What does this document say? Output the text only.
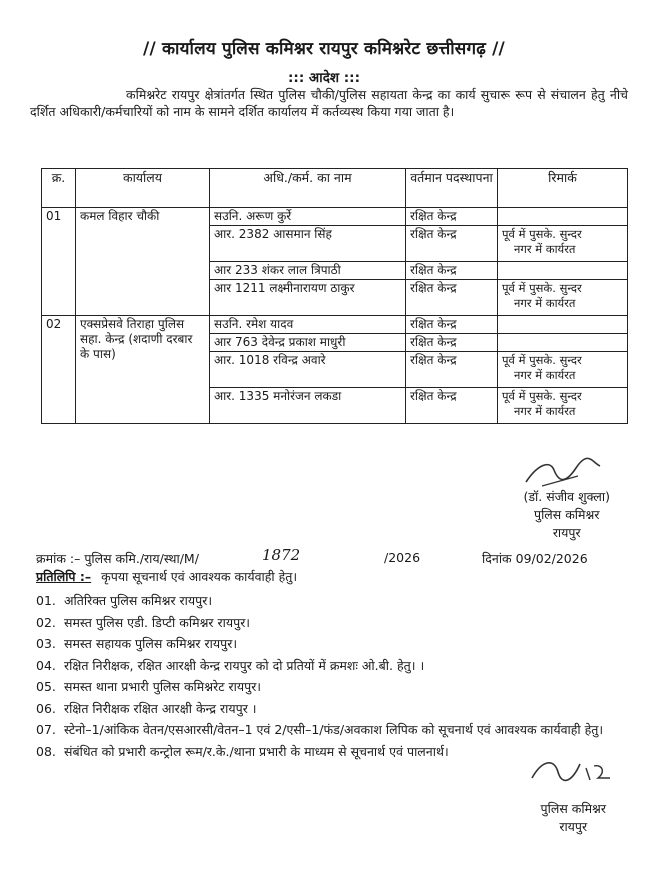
// कार्यालय पुलिस कमिश्नर रायपुर कमिश्नरेट छत्तीसगढ़ //
::: आदेश :::
कमिश्नरेट रायपुर क्षेत्रांतर्गत स्थित पुलिस चौकी/पुलिस सहायता केन्द्र का कार्य सुचारू रूप से संचालन हेतु नीचे दर्शित अधिकारी/कर्मचारियों को नाम के सामने दर्शित कार्यालय में कर्तव्यस्थ किया गया जाता है।
क्र.	कार्यालय	अधि./कर्म. का नाम	वर्तमान पदस्थापना	रिमार्क
01	कमल विहार चौकी	सउनि. अरूण कुर्रे	रक्षित केन्द्र	

		आर. 2382 आसमान सिंह	रक्षित केन्द्र	पूर्व में पुसके. सुन्दर
नगर में कार्यरत

		आर 233 शंकर लाल त्रिपाठी	रक्षित केन्द्र	

		आर 1211 लक्ष्मीनारायण ठाकुर	रक्षित केन्द्र	पूर्व में पुसके. सुन्दर
नगर में कार्यरत

02	एक्सप्रेसवे तिराहा पुलिस सहा. केन्द्र (शदाणी दरबार के पास)	सउनि. रमेश यादव	रक्षित केन्द्र	

		आर 763 देवेन्द्र प्रकाश माधुरी	रक्षित केन्द्र	

		आर. 1018 रविन्द्र अवारे	रक्षित केन्द्र	पूर्व में पुसके. सुन्दर
नगर में कार्यरत

		आर. 1335 मनोरंजन लकडा	रक्षित केन्द्र	पूर्व में पुसके. सुन्दर
नगर में कार्यरत
(डॉ. संजीव शुक्ला)
पुलिस कमिश्नर
रायपुर
क्रमांक :– पुलिस कमि./राय/स्था/M/	1872	/2026	दिनांक 09/02/2026
प्रतिलिपि :– कृपया सूचनार्थ एवं आवश्यक कार्यवाही हेतु।
01. अतिरिक्त पुलिस कमिश्नर रायपुर।
02. समस्त पुलिस एडी. डिप्टी कमिश्नर रायपुर।
03. समस्त सहायक पुलिस कमिश्नर रायपुर।
04. रक्षित निरीक्षक, रक्षित आरक्षी केन्द्र रायपुर को दो प्रतियों में क्रमशः ओ.बी. हेतु। ।
05. समस्त थाना प्रभारी पुलिस कमिश्नरेट रायपुर।
06. रक्षित निरीक्षक रक्षित आरक्षी केन्द्र रायपुर ।
07. स्टेनो–1/आंकिक वेतन/एसआरसी/वेतन–1 एवं 2/एसी–1/फंड/अवकाश लिपिक को सूचनार्थ एवं आवश्यक कार्यवाही हेतु।
08. संबंधित को प्रभारी कन्ट्रोल रूम/र.के./थाना प्रभारी के माध्यम से सूचनार्थ एवं पालनार्थ।
पुलिस कमिश्नर
रायपुर
